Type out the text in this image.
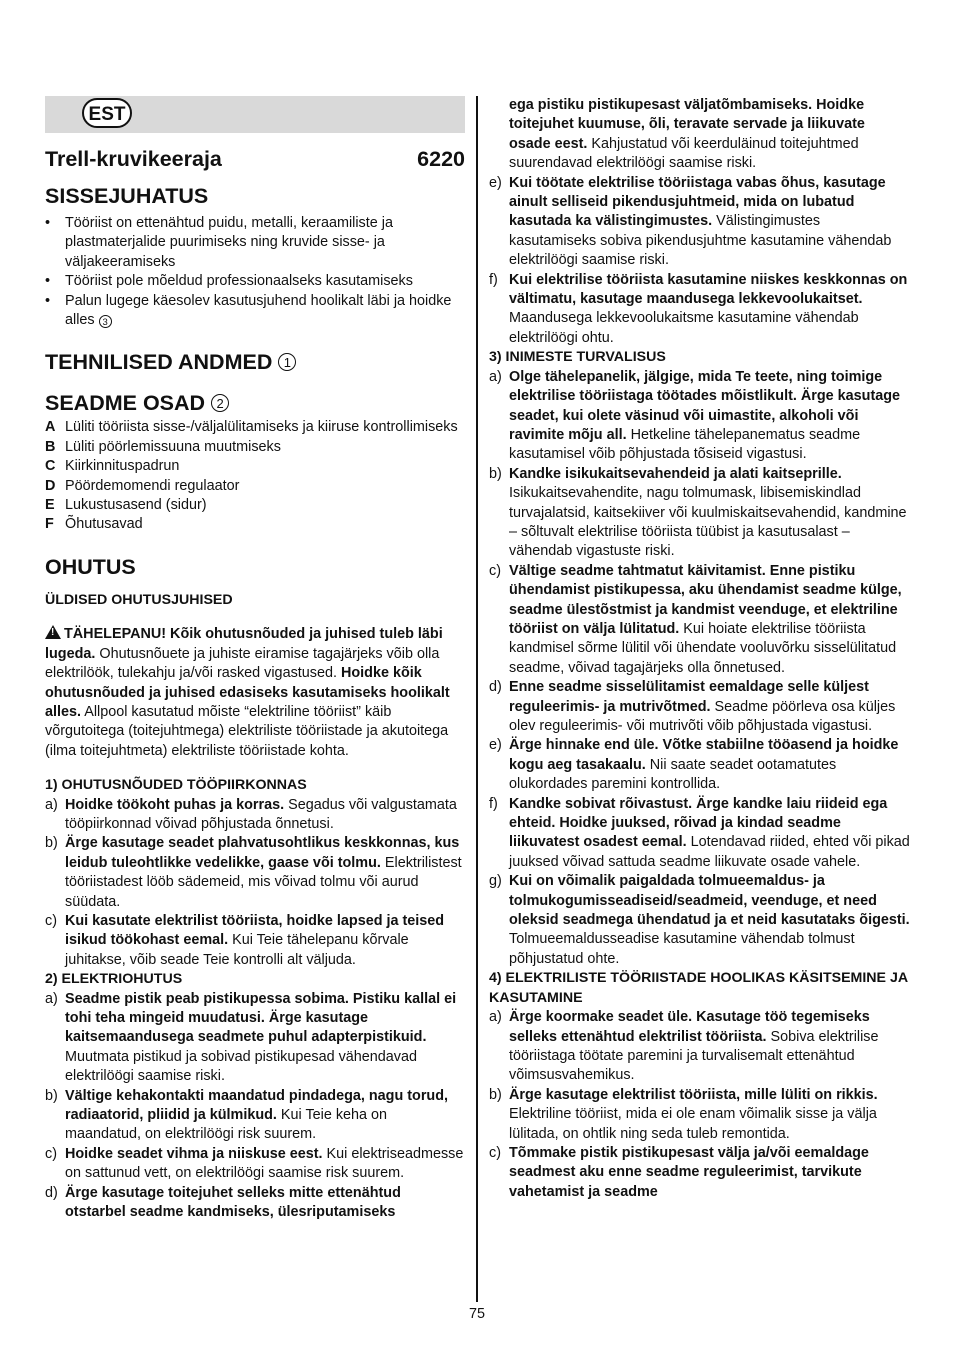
EST
Trell-kruvikeeraja	6220
SISSEJUHATUS
• Tööriist on ettenähtud puidu, metalli, keraamiliste ja plastmaterjalide puurimiseks ning kruvide sisse- ja väljakeeramiseks
• Tööriist pole mõeldud professionaalseks kasutamiseks
• Palun lugege käesolev kasutusjuhend hoolikalt läbi ja hoidke alles 3
TEHNILISED ANDMED 1
SEADME OSAD 2
A Lüliti tööriista sisse-/väljalülitamiseks ja kiiruse kontrollimiseks
B Lüliti pöörlemissuuna muutmiseks
C Kiirkinnituspadrun
D Pöördemomendi regulaator
E Lukustusasend (sidur)
F Õhutusavad
OHUTUS
ÜLDISED OHUTUSJUHISED
!TÄHELEPANU! Kõik ohutusnõuded ja juhised tuleb läbi lugeda. Ohutusnõuete ja juhiste eiramise tagajärjeks võib olla elektrilöök, tulekahju ja/või rasked vigastused. Hoidke kõik ohutusnõuded ja juhised edasiseks kasutamiseks hoolikalt alles. Allpool kasutatud mõiste “elektriline tööriist” käib võrgutoitega (toitejuhtmega) elektriliste tööriistade ja akutoitega (ilma toitejuhtmeta) elektriliste tööriistade kohta.
1) OHUTUSNÕUDED TÖÖPIIRKONNAS
a) Hoidke töökoht puhas ja korras. Segadus või valgustamata tööpiirkonnad võivad põhjustada õnnetusi.
b) Ärge kasutage seadet plahvatusohtlikus keskkonnas, kus leidub tuleohtlikke vedelikke, gaase või tolmu. Elektrilistest tööriistadest lööb sädemeid, mis võivad tolmu või aurud süüdata.
c) Kui kasutate elektrilist tööriista, hoidke lapsed ja teised isikud töökohast eemal. Kui Teie tähelepanu kõrvale juhitakse, võib seade Teie kontrolli alt väljuda.
2) ELEKTRIOHUTUS
a) Seadme pistik peab pistikupessa sobima. Pistiku kallal ei tohi teha mingeid muudatusi. Ärge kasutage kaitsemaandusega seadmete puhul adapterpistikuid. Muutmata pistikud ja sobivad pistikupesad vähendavad elektrilöögi saamise riski.
b) Vältige kehakontakti maandatud pindadega, nagu torud, radiaatorid, pliidid ja külmikud. Kui Teie keha on maandatud, on elektrilöögi risk suurem.
c) Hoidke seadet vihma ja niiskuse eest. Kui elektriseadmesse on sattunud vett, on elektrilöögi saamise risk suurem.
d) Ärge kasutage toitejuhet selleks mitte ettenähtud otstarbel seadme kandmiseks, ülesriputamiseks
ega pistiku pistikupesast väljatõmbamiseks. Hoidke toitejuhet kuumuse, õli, teravate servade ja liikuvate osade eest. Kahjustatud või keerduläinud toitejuhtmed suurendavad elektrilöögi saamise riski.
e) Kui töötate elektrilise tööriistaga vabas õhus, kasutage ainult selliseid pikendusjuhtmeid, mida on lubatud kasutada ka välistingimustes. Välistingimustes kasutamiseks sobiva pikendusjuhtme kasutamine vähendab elektrilöögi saamise riski.
f) Kui elektrilise tööriista kasutamine niiskes keskkonnas on vältimatu, kasutage maandusega lekkevoolukaitset. Maandusega lekkevoolukaitsme kasutamine vähendab elektrilöögi ohtu.
3) INIMESTE TURVALISUS
a) Olge tähelepanelik, jälgige, mida Te teete, ning toimige elektrilise tööriistaga töötades mõistlikult. Ärge kasutage seadet, kui olete väsinud või uimastite, alkoholi või ravimite mõju all. Hetkeline tähelepanematus seadme kasutamisel võib põhjustada tõsiseid vigastusi.
b) Kandke isikukaitsevahendeid ja alati kaitseprille. Isikukaitsevahendite, nagu tolmumask, libisemiskindlad turvajalatsid, kaitsekiiver või kuulmiskaitsevahendid, kandmine – sõltuvalt elektrilise tööriista tüübist ja kasutusalast – vähendab vigastuste riski.
c) Vältige seadme tahtmatut käivitamist. Enne pistiku ühendamist pistikupessa, aku ühendamist seadme külge, seadme ülestõstmist ja kandmist veenduge, et elektriline tööriist on välja lülitatud. Kui hoiate elektrilise tööriista kandmisel sõrme lülitil või ühendate vooluvõrku sisselülitatud seadme, võivad tagajärjeks olla õnnetused.
d) Enne seadme sisselülitamist eemaldage selle küljest reguleerimis- ja mutrivõtmed. Seadme pöörleva osa küljes olev reguleerimis- või mutrivõti võib põhjustada vigastusi.
e) Ärge hinnake end üle. Võtke stabiilne tööasend ja hoidke kogu aeg tasakaalu. Nii saate seadet ootamatutes olukordades paremini kontrollida.
f) Kandke sobivat rõivastust. Ärge kandke laiu riideid ega ehteid. Hoidke juuksed, rõivad ja kindad seadme liikuvatest osadest eemal. Lotendavad riided, ehted või pikad juuksed võivad sattuda seadme liikuvate osade vahele.
g) Kui on võimalik paigaldada tolmueemaldus- ja tolmukogumisseadiseid/seadmeid, veenduge, et need oleksid seadmega ühendatud ja et neid kasutataks õigesti. Tolmueemaldusseadise kasutamine vähendab tolmust põhjustatud ohte.
4) ELEKTRILISTE TÖÖRIISTADE HOOLIKAS KÄSITSEMINE JA KASUTAMINE
a) Ärge koormake seadet üle. Kasutage töö tegemiseks selleks ettenähtud elektrilist tööriista. Sobiva elektrilise tööriistaga töötate paremini ja turvalisemalt ettenähtud võimsusvahemikus.
b) Ärge kasutage elektrilist tööriista, mille lüliti on rikkis. Elektriline tööriist, mida ei ole enam võimalik sisse ja välja lülitada, on ohtlik ning seda tuleb remontida.
c) Tõmmake pistik pistikupesast välja ja/või eemaldage seadmest aku enne seadme reguleerimist, tarvikute vahetamist ja seadme
75
